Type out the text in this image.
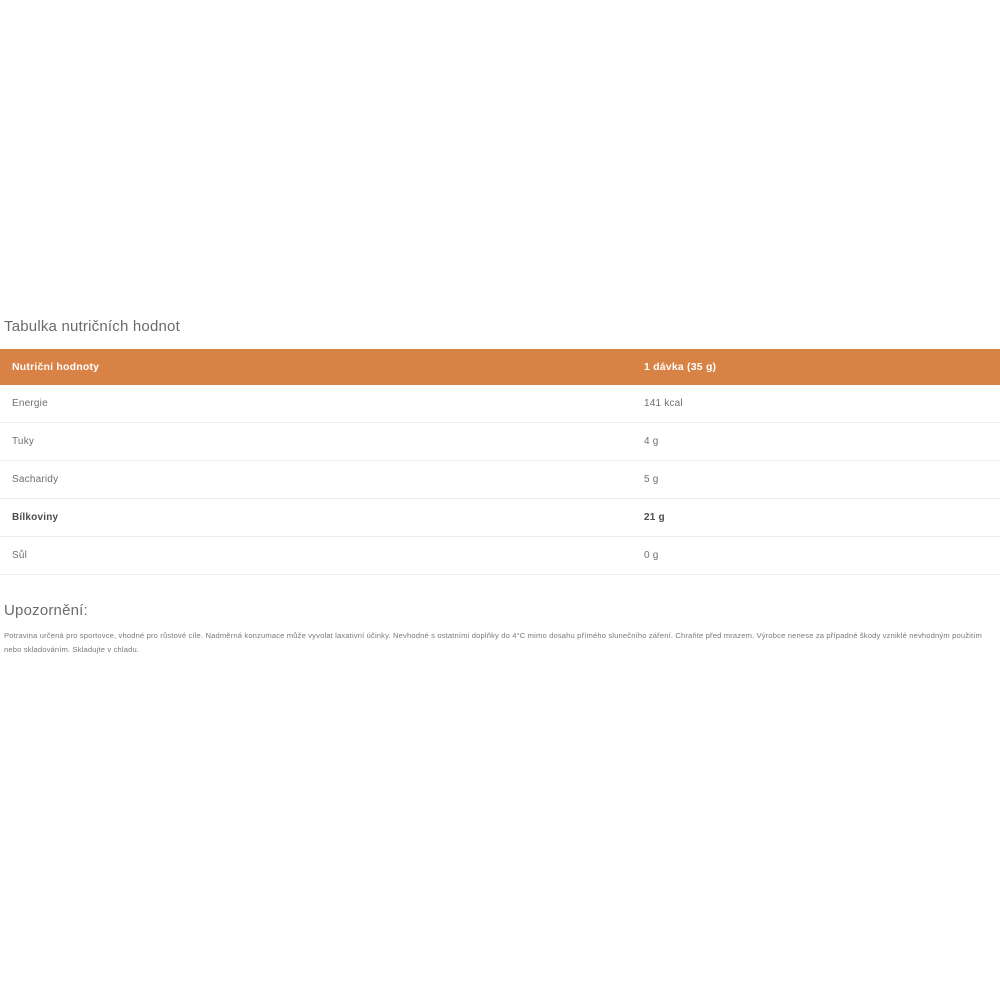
Tabulka nutričních hodnot
Nutriční hodnoty	1 dávka (35 g)
Energie	141 kcal
Tuky	4 g
Sacharidy	5 g
Bílkoviny	21 g
Sůl	0 g
Upozornění:

Potravina určená pro sportovce, vhodné pro růstové cíle. Nadměrná konzumace může vyvolat laxativní účinky. Nevhodné s ostatními doplňky do 4°C mimo dosahu přímého slunečního záření. Chraňte před mrazem. Výrobce nenese za případné škody vzniklé nevhodným použitím nebo skladováním. Skladujte v chladu.
